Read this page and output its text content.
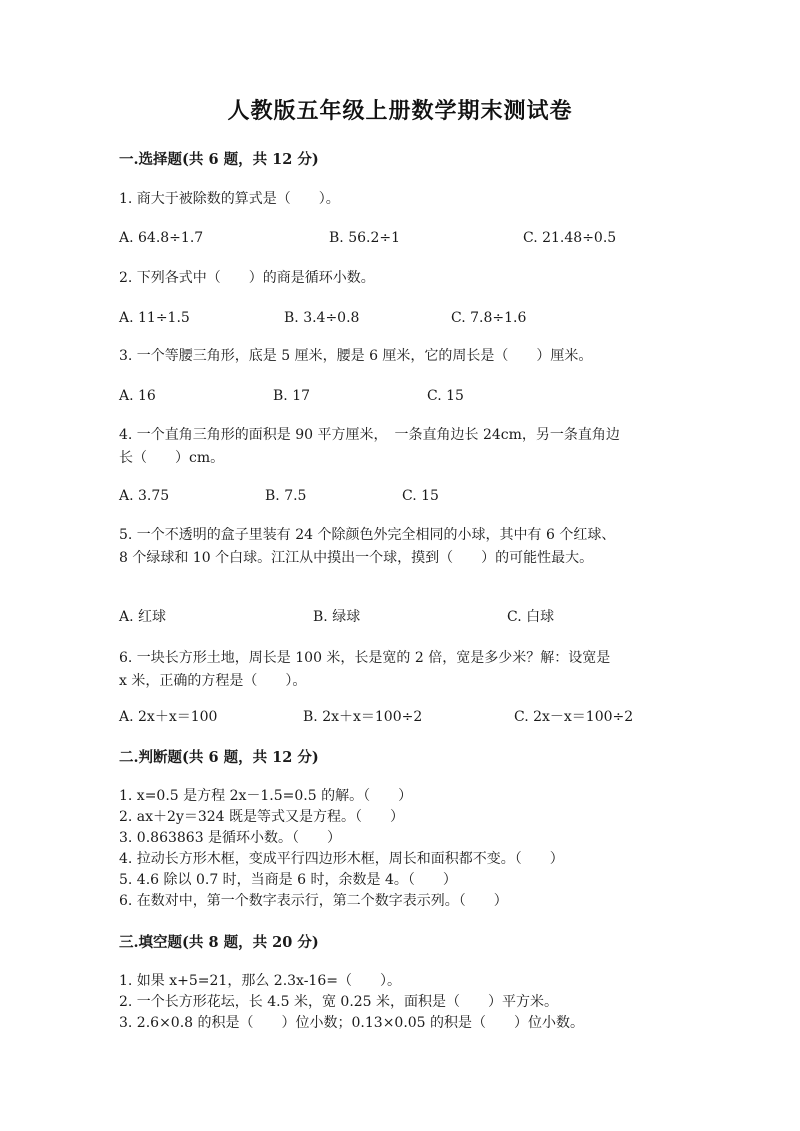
人教版五年级上册数学期末测试卷
一.选择题(共 6 题，共 12 分)
1. 商大于被除数的算式是（　　）。
A. 64.8÷1.7	B. 56.2÷1	C. 21.48÷0.5
2. 下列各式中（　　）的商是循环小数。
A. 11÷1.5	B. 3.4÷0.8	C. 7.8÷1.6
3. 一个等腰三角形，底是 5 厘米，腰是 6 厘米，它的周长是（　　）厘米。
A. 16	B. 17	C. 15
4. 一个直角三角形的面积是 90 平方厘米，　一条直角边长 24cm，另一条直角边
长（　　）cm。
A. 3.75	B. 7.5	C. 15
5. 一个不透明的盒子里装有 24 个除颜色外完全相同的小球，其中有 6 个红球、
8 个绿球和 10 个白球。江江从中摸出一个球，摸到（　　）的可能性最大。
A. 红球	B. 绿球	C. 白球
6. 一块长方形土地，周长是 100 米，长是宽的 2 倍，宽是多少米？解：设宽是
x 米，正确的方程是（　　）。
A. 2x＋x＝100	B. 2x＋x＝100÷2	C. 2x－x＝100÷2
二.判断题(共 6 题，共 12 分)
1. x=0.5 是方程 2x－1.5=0.5 的解。（　　）
2. ax＋2y＝324 既是等式又是方程。（　　）
3. 0.863863 是循环小数。（　　）
4. 拉动长方形木框，变成平行四边形木框，周长和面积都不变。（　　）
5. 4.6 除以 0.7 时，当商是 6 时，余数是 4。（　　）
6. 在数对中，第一个数字表示行，第二个数字表示列。（　　）
三.填空题(共 8 题，共 20 分)
1. 如果 x+5=21，那么 2.3x-16=（　　）。
2. 一个长方形花坛，长 4.5 米，宽 0.25 米，面积是（　　）平方米。
3. 2.6×0.8 的积是（　　）位小数；0.13×0.05 的积是（　　）位小数。
